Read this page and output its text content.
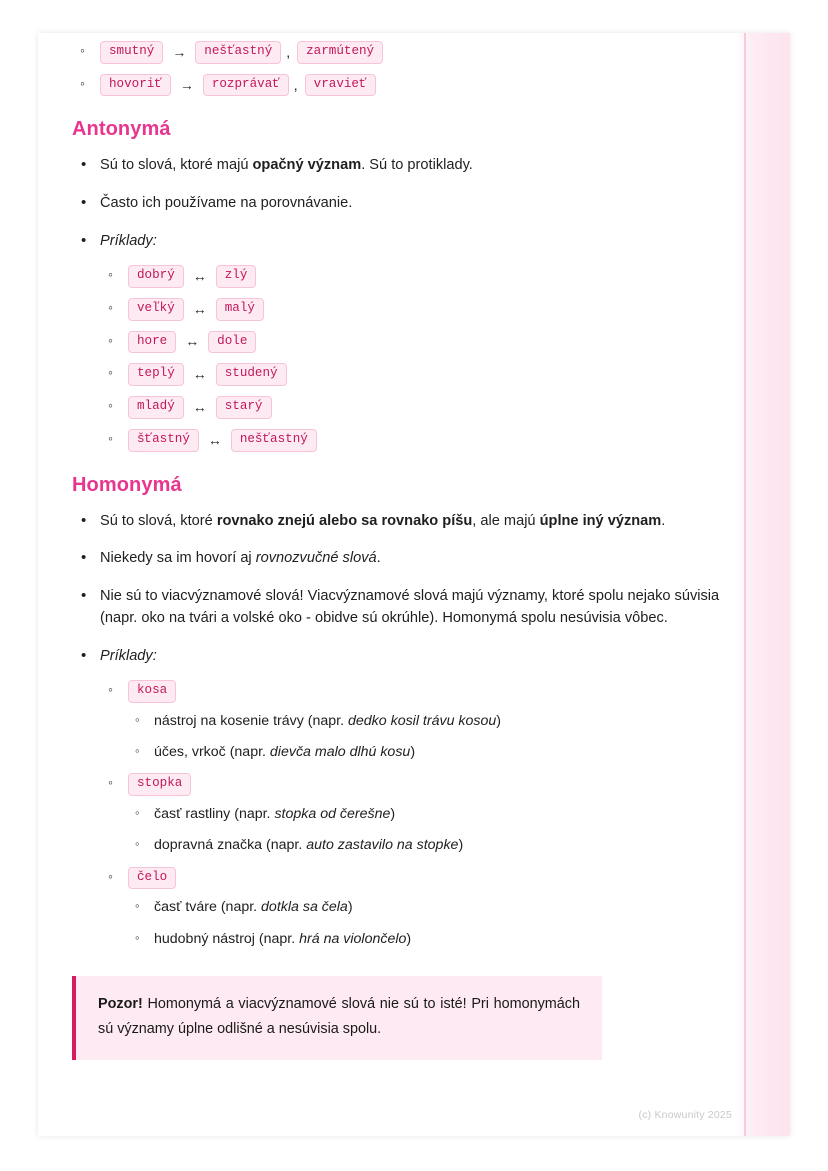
◦ smutný → nešťastný , zarmútený
◦ hovoriť → rozprávať , vravieť
Antonymá
• Sú to slová, ktoré majú opačný význam. Sú to protiklady.
• Často ich používame na porovnávanie.
• Príklady:
◦ dobrý ↔ zlý
◦ veľký ↔ malý
◦ hore ↔ dole
◦ teplý ↔ studený
◦ mladý ↔ starý
◦ šťastný ↔ nešťastný
Homonymá
• Sú to slová, ktoré rovnako znejú alebo sa rovnako píšu, ale majú úplne iný význam.
• Niekedy sa im hovorí aj rovnozvučné slová.
• Nie sú to viacvýznamové slová! Viacvýznamové slová majú významy, ktoré spolu nejako súvisia (napr. oko na tvári a volské oko - obidve sú okrúhle). Homonymá spolu nesúvisia vôbec.
• Príklady:
◦ kosa
◦ nástroj na kosenie trávy (napr. dedko kosil trávu kosou)
◦ účes, vrkoč (napr. dievča malo dlhú kosu)
◦ stopka
◦ časť rastliny (napr. stopka od čerešne)
◦ dopravná značka (napr. auto zastavilo na stopke)
◦ čelo
◦ časť tváre (napr. dotkla sa čela)
◦ hudobný nástroj (napr. hrá na violončelo)
Pozor! Homonymá a viacvýznamové slová nie sú to isté! Pri homonymách sú významy úplne odlišné a nesúvisia spolu.
(c) Knowunity 2025
